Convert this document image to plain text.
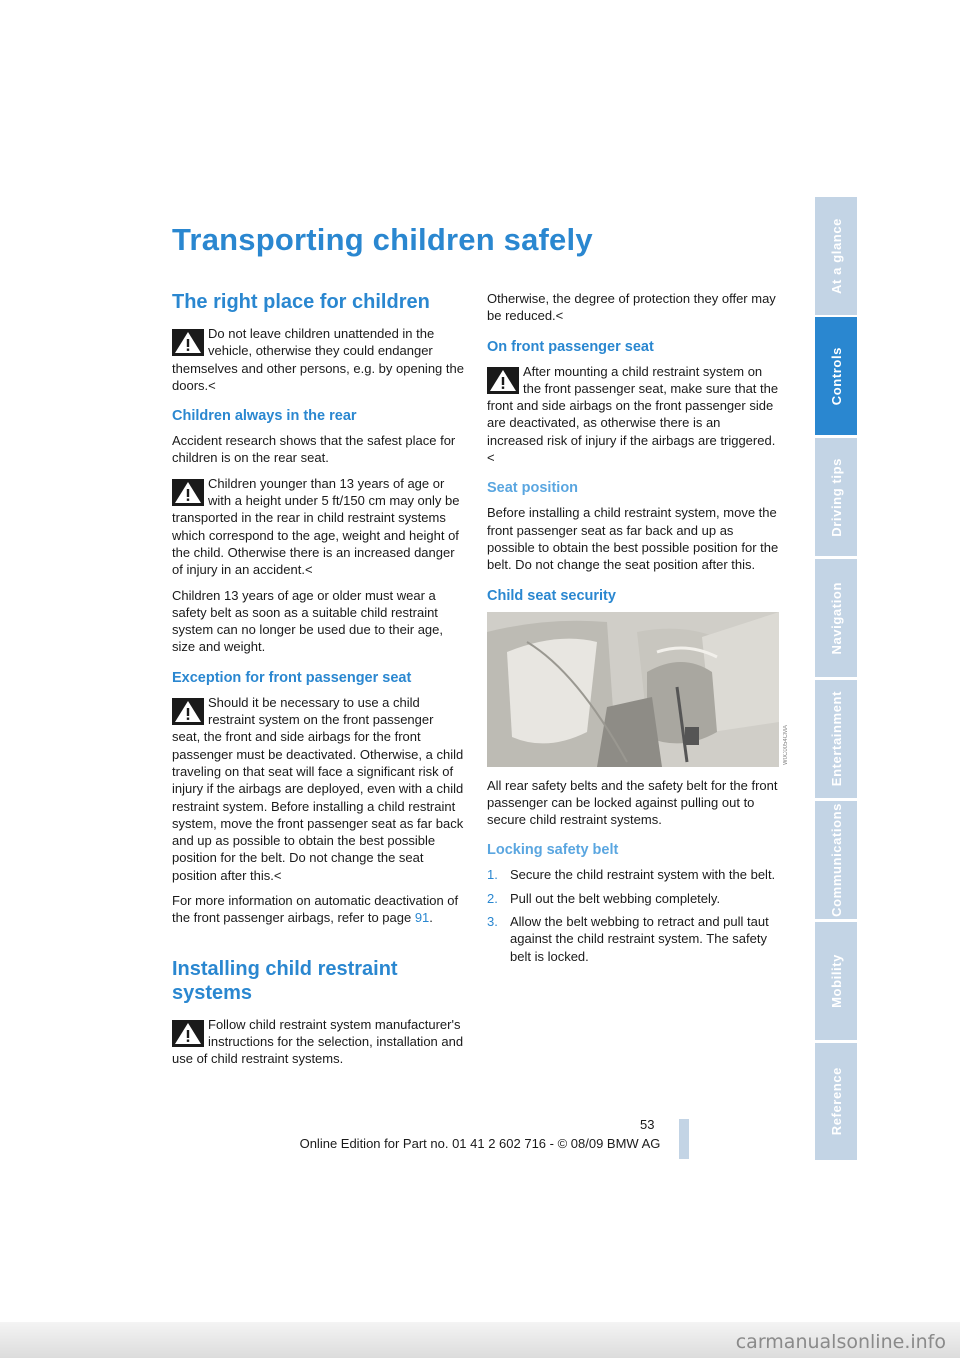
Transporting children safely
The right place for children
Do not leave children unattended in the vehicle, otherwise they could endanger themselves and other persons, e.g. by opening the doors.<
Children always in the rear

Accident research shows that the safest place for children is on the rear seat.

Children younger than 13 years of age or with a height under 5 ft/150 cm may only be transported in the rear in child restraint systems which correspond to the age, weight and height of the child. Otherwise there is an increased danger of injury in an accident.<

Children 13 years of age or older must wear a safety belt as soon as a suitable child restraint system can no longer be used due to their age, size and weight.

Exception for front passenger seat
Should it be necessary to use a child restraint system on the front passenger seat, the front and side airbags for the front passenger must be deactivated. Otherwise, a child traveling on that seat will face a significant risk of injury if the airbags are deployed, even with a child restraint system. Before installing a child restraint system, move the front passenger seat as far back and up as possible to obtain the best possible position for the belt. Do not change the seat position after this.<

For more information on automatic deactivation of the front passenger airbags, refer to page 91.

Installing child restraint systems
Follow child restraint system manufacturer's instructions for the selection, installation and use of child restraint systems.

Otherwise, the degree of protection they offer may be reduced.<

On front passenger seat
After mounting a child restraint system on the front passenger seat, make sure that the front and side airbags on the front passenger side are deactivated, as otherwise there is an increased risk of injury if the airbags are triggered.<
Seat position

Before installing a child restraint system, move the front passenger seat as far back and up as possible to obtain the best possible position for the belt. Do not change the seat position after this.

Child seat security

All rear safety belts and the safety belt for the front passenger can be locked against pulling out to secure child restraint systems.

Locking safety belt
1. Secure the child restraint system with the belt.
2. Pull out the belt webbing completely.
3. Allow the belt webbing to retract and pull taut against the child restraint system. The safety belt is locked.
W0C0054CMA
At a glance
Controls
Driving tips
Navigation
Entertainment
Communications
Mobility
Reference
53
Online Edition for Part no. 01 41 2 602 716 - © 08/09 BMW AG
carmanualsonline.info
